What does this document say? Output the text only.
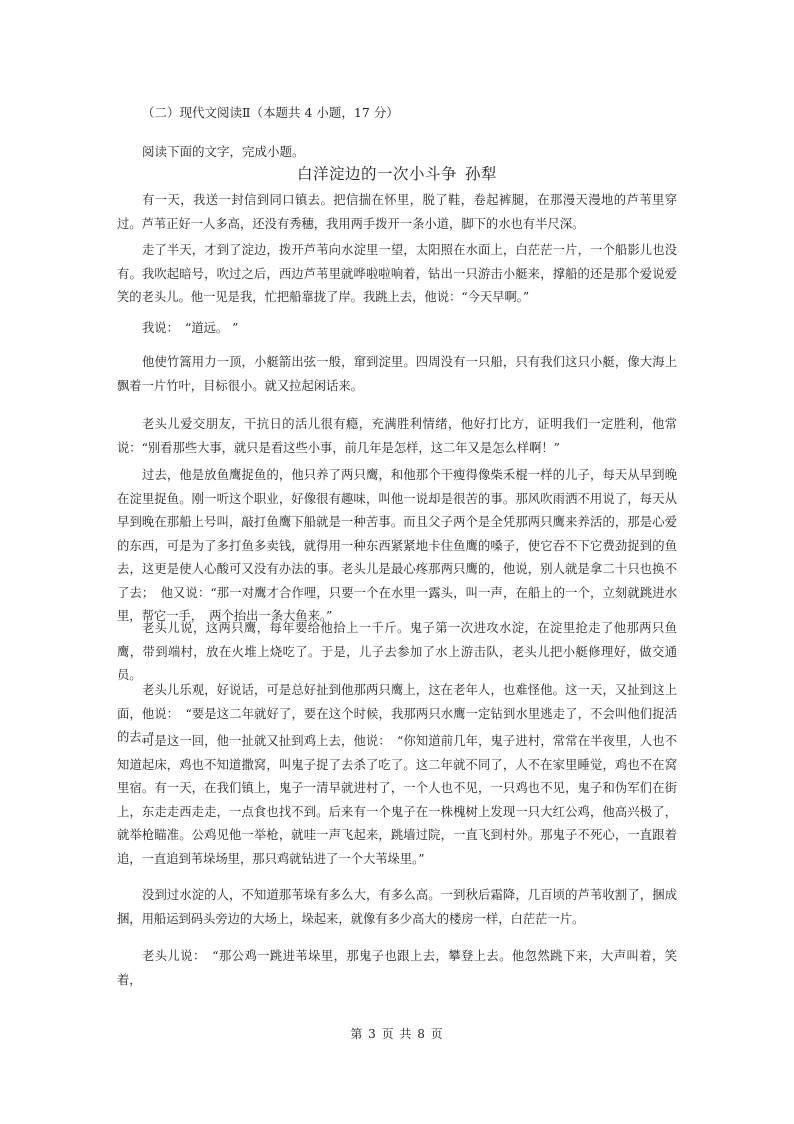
（二）现代文阅读Ⅱ（本题共 4 小题，17 分）
阅读下面的文字，完成小题。
白洋淀边的一次小斗争 孙犁

有一天，我送一封信到同口镇去。把信揣在怀里，脱了鞋，卷起裤腿，在那漫天漫地的芦苇里穿过。芦苇正好一人多高，还没有秀穗，我用两手拨开一条小道，脚下的水也有半尺深。

走了半天，才到了淀边，拨开芦苇向水淀里一望，太阳照在水面上，白茫茫一片，一个船影儿也没有。我吹起暗号，吹过之后，西边芦苇里就哗啦啦响着，钻出一只游击小艇来，撑船的还是那个爱说爱笑的老头儿。他一见是我，忙把船靠拢了岸。我跳上去，他说：“今天早啊。”

我说：　“道远。 ”

他使竹篙用力一顶，小艇箭出弦一般，窜到淀里。四周没有一只船，只有我们这只小艇，像大海上飘着一片竹叶，目标很小。就又拉起闲话来。

老头儿爱交朋友，干抗日的活儿很有瘾，充满胜利情绪，他好打比方，证明我们一定胜利，他常说：“别看那些大事，就只是看这些小事，前几年是怎样，这二年又是怎么样啊！”

过去，他是放鱼鹰捉鱼的，他只养了两只鹰，和他那个干瘦得像柴禾棍一样的儿子，每天从早到晚在淀里捉鱼。刚一听这个职业，好像很有趣味，叫他一说却是很苦的事。那风吹雨洒不用说了，每天从早到晚在那船上号叫，敲打鱼鹰下船就是一种苦事。而且父子两个是全凭那两只鹰来养活的，那是心爱的东西，可是为了多打鱼多卖钱，就得用一种东西紧紧地卡住鱼鹰的嗓子，使它吞不下它费劲捉到的鱼去，这更是使人心酸可又没有办法的事。老头儿是最心疼那两只鹰的，他说，别人就是拿二十只也换不了去；　他又说：“那一对鹰才合作哩，只要一个在水里一露头，叫一声，在船上的一个，立刻就跳进水里，帮它一手，　两个抬出一条大鱼来。”

老头儿说，这两只鹰，每年要给他拾上一千斤。鬼子第一次进攻水淀，在淀里抢走了他那两只鱼鹰，带到端村，放在火堆上烧吃了。于是，儿子去参加了水上游击队，老头儿把小艇修理好，做交通员。

老头儿乐观，好说话，可是总好扯到他那两只鹰上，这在老年人，也难怪他。这一天，又扯到这上面，他说：　“要是这二年就好了，要在这个时候，我那两只水鹰一定钻到水里逃走了，不会叫他们捉活的去。”

可是这一回，他一扯就又扯到鸡上去，他说：　“你知道前几年，鬼子进村，常常在半夜里，人也不知道起床，鸡也不知道撒窝，叫鬼子捉了去杀了吃了。这二年就不同了，人不在家里睡觉，鸡也不在窝里宿。有一天，在我们镇上，鬼子一清早就进村了，一个人也不见，一只鸡也不见，鬼子和伪军们在街上，东走走西走走，一点食也找不到。后来有一个鬼子在一株槐树上发现一只大红公鸡，他高兴极了，就举枪瞄准。公鸡见他一举枪，就哇一声飞起来，跳墙过院，一直飞到村外。那鬼子不死心，一直跟着追，一直追到苇垛场里，那只鸡就钻进了一个大苇垛里。”

没到过水淀的人，不知道那苇垛有多么大，有多么高。一到秋后霜降，几百顷的芦苇收割了，捆成捆，用船运到码头旁边的大场上，垛起来，就像有多少高大的楼房一样，白茫茫一片。

老头儿说：　“那公鸡一跳进苇垛里，那鬼子也跟上去，攀登上去。他忽然跳下来，大声叫着，笑着，

第 3 页 共 8 页
